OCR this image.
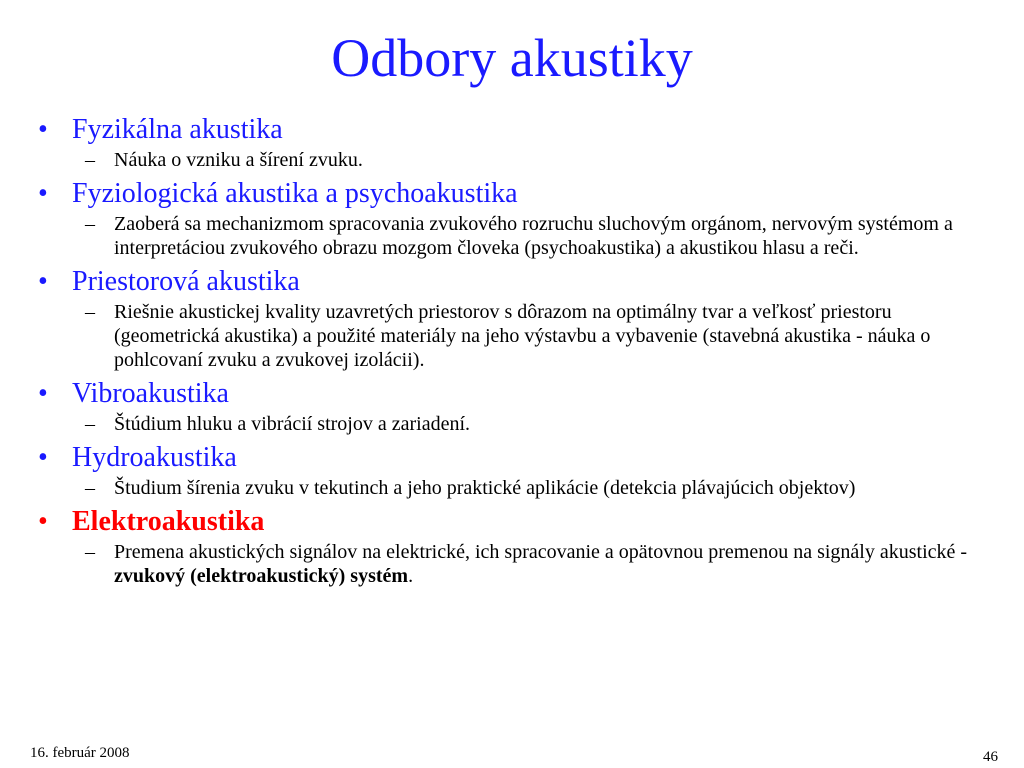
Odbory akustiky
• Fyzikálna akustika
– Náuka o vzniku a šírení zvuku.
• Fyziologická akustika a psychoakustika
– Zaoberá sa mechanizmom spracovania zvukového rozruchu sluchovým orgánom, nervovým systémom a interpretáciou zvukového obrazu mozgom človeka (psychoakustika) a akustikou hlasu a reči.
• Priestorová akustika
– Riešnie akustickej kvality uzavretých priestorov s dôrazom na optimálny tvar a veľkosť priestoru (geometrická akustika) a použité materiály na jeho výstavbu a vybavenie (stavebná akustika - náuka o pohlcovaní zvuku a zvukovej izolácii).
• Vibroakustika
– Štúdium hluku a vibrácií strojov a zariadení.
• Hydroakustika
– Študium šírenia zvuku v tekutinch a jeho praktické aplikácie (detekcia plávajúcich objektov)
• Elektroakustika
– Premena akustických signálov na elektrické, ich spracovanie a opätovnou premenou na signály akustické - zvukový (elektroakustický) systém.
16. február 2008	46
